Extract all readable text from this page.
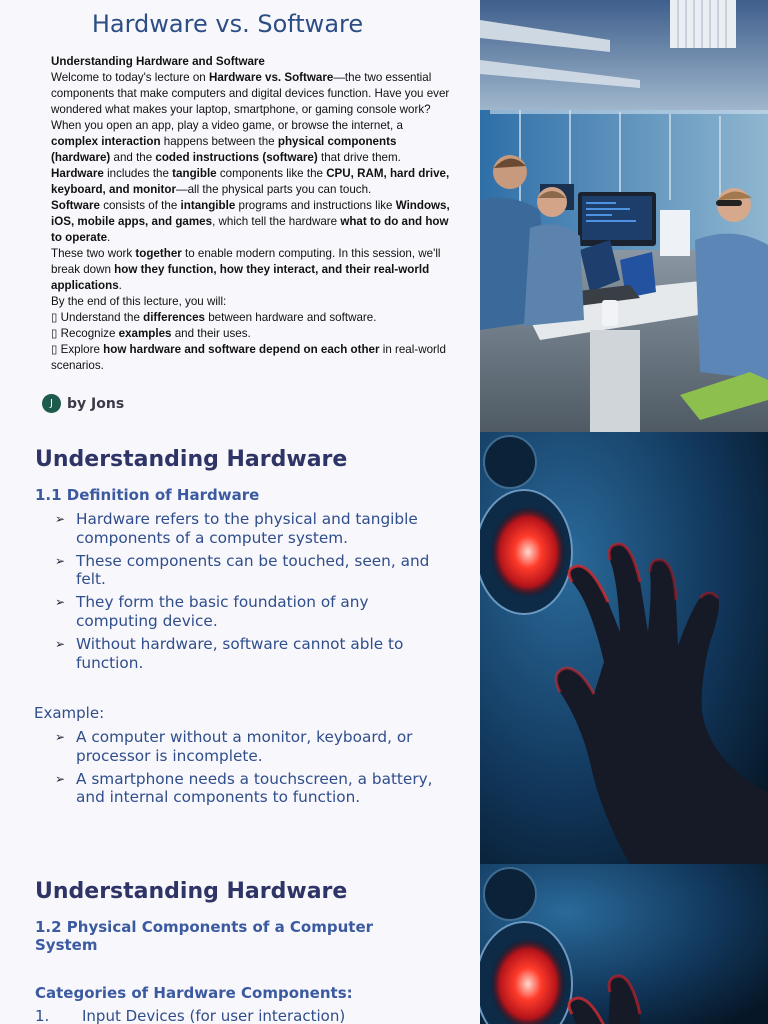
Hardware vs. Software

Understanding Hardware and Software

Welcome to today's lecture on Hardware vs. Software—the two essential components that make computers and digital devices function. Have you ever wondered what makes your laptop, smartphone, or gaming console work? When you open an app, play a video game, or browse the internet, a complex interaction happens between the physical components (hardware) and the coded instructions (software) that drive them.

Hardware includes the tangible components like the CPU, RAM, hard drive, keyboard, and monitor—all the physical parts you can touch.

Software consists of the intangible programs and instructions like Windows, iOS, mobile apps, and games, which tell the hardware what to do and how to operate.

These two work together to enable modern computing. In this session, we'll break down how they function, how they interact, and their real-world applications.

By the end of this lecture, you will:

▯ Understand the differences between hardware and software.

▯ Recognize examples and their uses.

▯ Explore how hardware and software depend on each other in real-world scenarios.

J	by Jons
Understanding Hardware
1.1 Definition of Hardware
➢ Hardware refers to the physical and tangible components of a computer system.
➢ These components can be touched, seen, and felt.
➢ They form the basic foundation of any computing device.
➢ Without hardware, software cannot able to function.
Example:
➢ A computer without a monitor, keyboard, or processor is incomplete.
➢ A smartphone needs a touchscreen, a battery, and internal components to function.
Understanding Hardware
1.2 Physical Components of a Computer System
Categories of Hardware Components:
1. Input Devices (for user interaction)
